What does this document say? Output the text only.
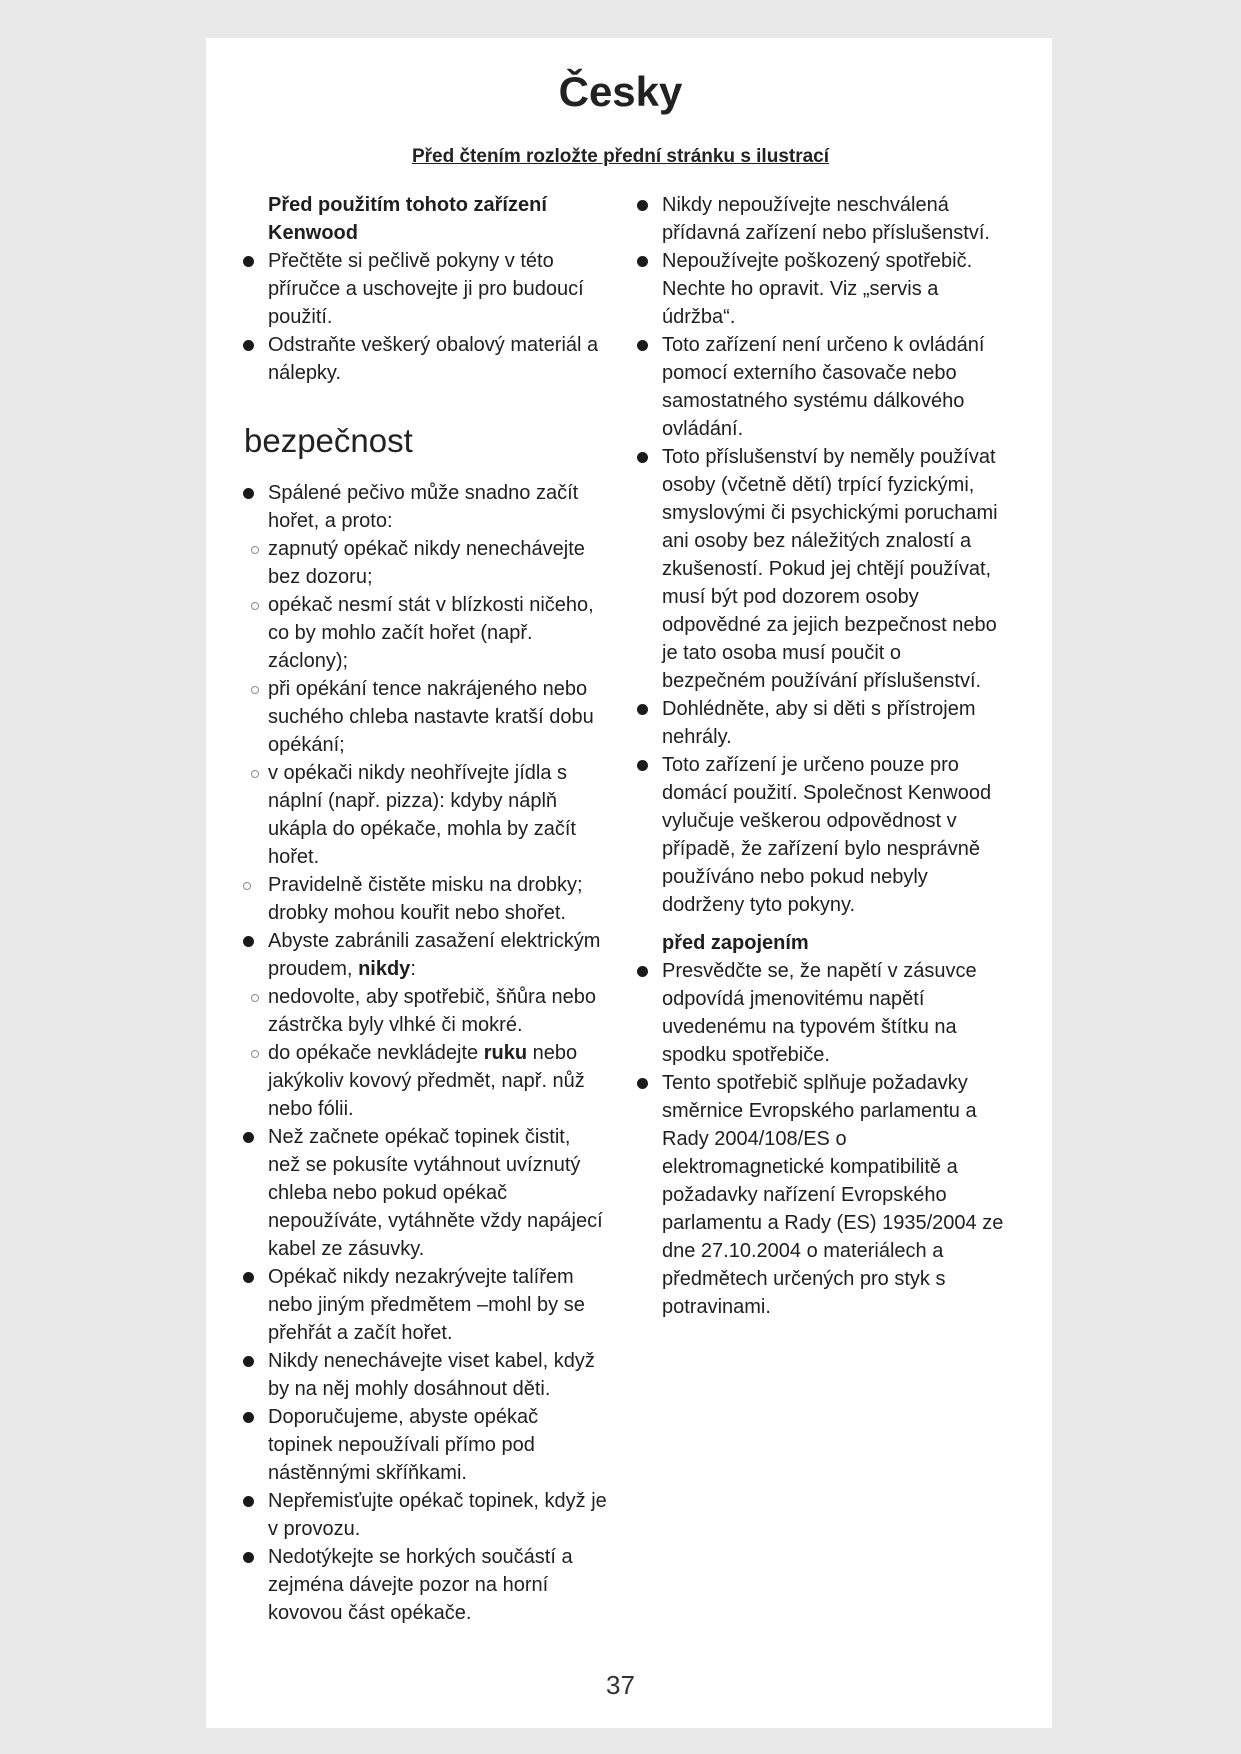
Česky
Před čtením rozložte přední stránku s ilustrací

Před použitím tohoto zařízení Kenwood

Přečtěte si pečlivě pokyny v této příručce a uschovejte ji pro budoucí použití.
Odstraňte veškerý obalový materiál a nálepky.
bezpečnost
Spálené pečivo může snadno začít hořet, a proto:
zapnutý opékač nikdy nenechávejte bez dozoru;
opékač nesmí stát v blízkosti ničeho, co by mohlo začít hořet (např. záclony);
při opékání tence nakrájeného nebo suchého chleba nastavte kratší dobu opékání;
v opékači nikdy neohřívejte jídla s náplní (např. pizza): kdyby náplň ukápla do opékače, mohla by začít hořet.
Pravidelně čistěte misku na drobky; drobky mohou kouřit nebo shořet.
Abyste zabránili zasažení elektrickým proudem, nikdy:
nedovolte, aby spotřebič, šňůra nebo zástrčka byly vlhké či mokré.
do opékače nevkládejte ruku nebo jakýkoliv kovový předmět, např. nůž nebo fólii.
Než začnete opékač topinek čistit, než se pokusíte vytáhnout uvíznutý chleba nebo pokud opékač nepoužíváte, vytáhněte vždy napájecí kabel ze zásuvky.
Opékač nikdy nezakrývejte talířem nebo jiným předmětem –mohl by se přehřát a začít hořet.
Nikdy nenechávejte viset kabel, když by na něj mohly dosáhnout děti.
Doporučujeme, abyste opékač topinek nepoužívali přímo pod nástěnnými skříňkami.
Nepřemisťujte opékač topinek, když je v provozu.
Nedotýkejte se horkých součástí a zejména dávejte pozor na horní kovovou část opékače.
Nikdy nepoužívejte neschválená přídavná zařízení nebo příslušenství.
Nepoužívejte poškozený spotřebič. Nechte ho opravit. Viz „servis a údržba“.
Toto zařízení není určeno k ovládání pomocí externího časovače nebo samostatného systému dálkového ovládání.
Toto příslušenství by neměly používat osoby (včetně dětí) trpící fyzickými, smyslovými či psychickými poruchami ani osoby bez náležitých znalostí a zkušeností. Pokud jej chtějí používat, musí být pod dozorem osoby odpovědné za jejich bezpečnost nebo je tato osoba musí poučit o bezpečném používání příslušenství.
Dohlédněte, aby si děti s přístrojem nehrály.
Toto zařízení je určeno pouze pro domácí použití. Společnost Kenwood vylučuje veškerou odpovědnost v případě, že zařízení bylo nesprávně používáno nebo pokud nebyly dodrženy tyto pokyny.

před zapojením

Presvědčte se, že napětí v zásuvce odpovídá jmenovitému napětí uvedenému na typovém štítku na spodku spotřebiče.
Tento spotřebič splňuje požadavky směrnice Evropského parlamentu a Rady 2004/108/ES o elektromagnetické kompatibilitě a požadavky nařízení Evropského parlamentu a Rady (ES) 1935/2004 ze dne 27.10.2004 o materiálech a předmětech určených pro styk s potravinami.
37
